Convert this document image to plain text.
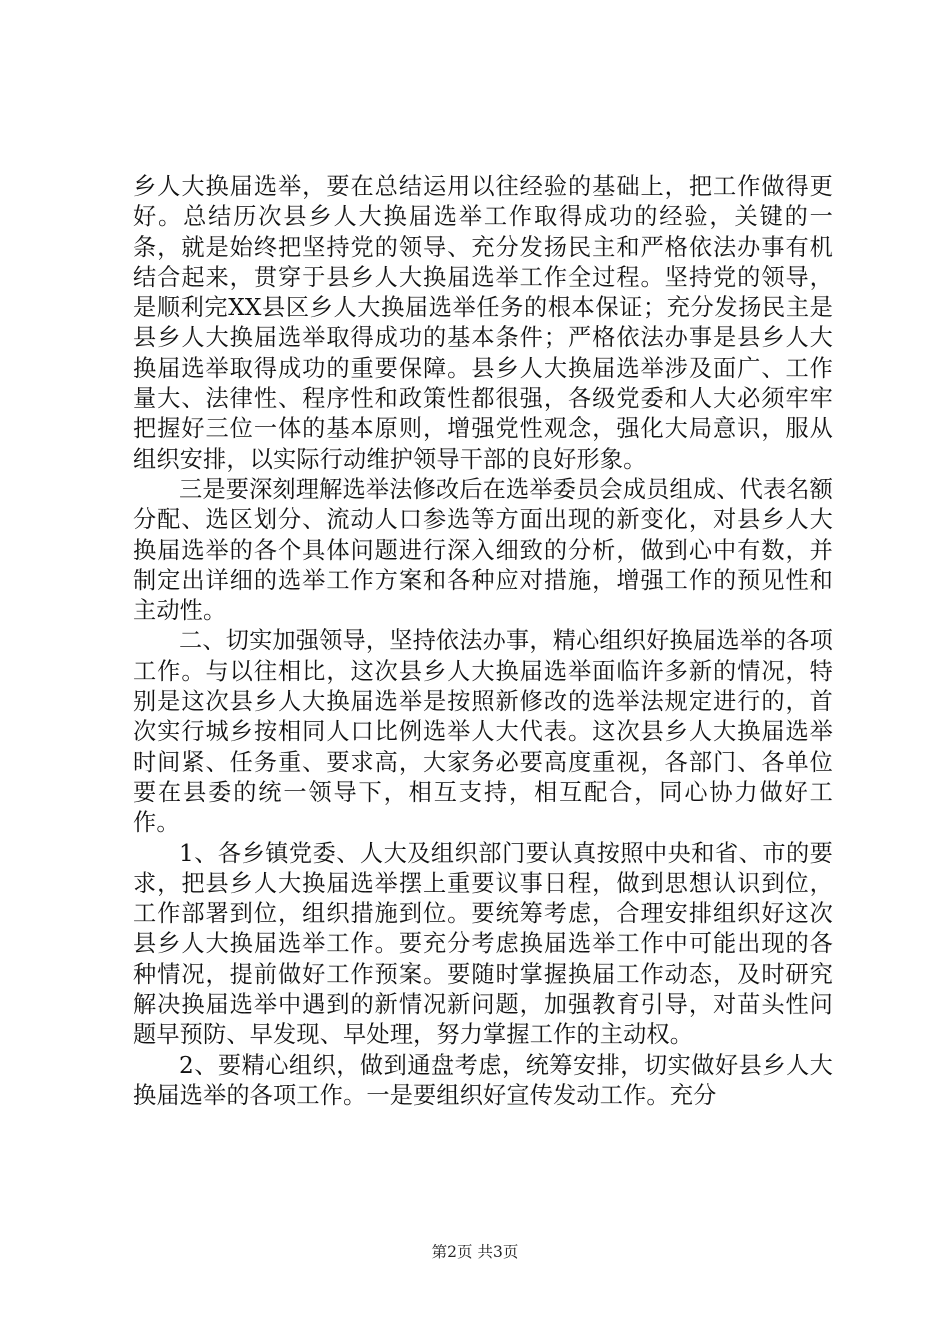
乡人大换届选举，要在总结运用以往经验的基础上，把工作做得更好。总结历次县乡人大换届选举工作取得成功的经验，关键的一条，就是始终把坚持党的领导、充分发扬民主和严格依法办事有机结合起来，贯穿于县乡人大换届选举工作全过程。坚持党的领导，是顺利完XX县区乡人大换届选举任务的根本保证；充分发扬民主是县乡人大换届选举取得成功的基本条件；严格依法办事是县乡人大换届选举取得成功的重要保障。县乡人大换届选举涉及面广、工作量大、法律性、程序性和政策性都很强，各级党委和人大必须牢牢把握好三位一体的基本原则，增强党性观念，强化大局意识，服从组织安排，以实际行动维护领导干部的良好形象。

三是要深刻理解选举法修改后在选举委员会成员组成、代表名额分配、选区划分、流动人口参选等方面出现的新变化，对县乡人大换届选举的各个具体问题进行深入细致的分析，做到心中有数，并制定出详细的选举工作方案和各种应对措施，增强工作的预见性和主动性。

二、切实加强领导，坚持依法办事，精心组织好换届选举的各项工作。与以往相比，这次县乡人大换届选举面临许多新的情况，特别是这次县乡人大换届选举是按照新修改的选举法规定进行的，首次实行城乡按相同人口比例选举人大代表。这次县乡人大换届选举时间紧、任务重、要求高，大家务必要高度重视，各部门、各单位要在县委的统一领导下，相互支持，相互配合，同心协力做好工作。

1、各乡镇党委、人大及组织部门要认真按照中央和省、市的要求，把县乡人大换届选举摆上重要议事日程，做到思想认识到位，工作部署到位，组织措施到位。要统筹考虑，合理安排组织好这次县乡人大换届选举工作。要充分考虑换届选举工作中可能出现的各种情况，提前做好工作预案。要随时掌握换届工作动态，及时研究解决换届选举中遇到的新情况新问题，加强教育引导，对苗头性问题早预防、早发现、早处理，努力掌握工作的主动权。

2、要精心组织，做到通盘考虑，统筹安排，切实做好县乡人大换届选举的各项工作。一是要组织好宣传发动工作。充分

第2页 共3页
